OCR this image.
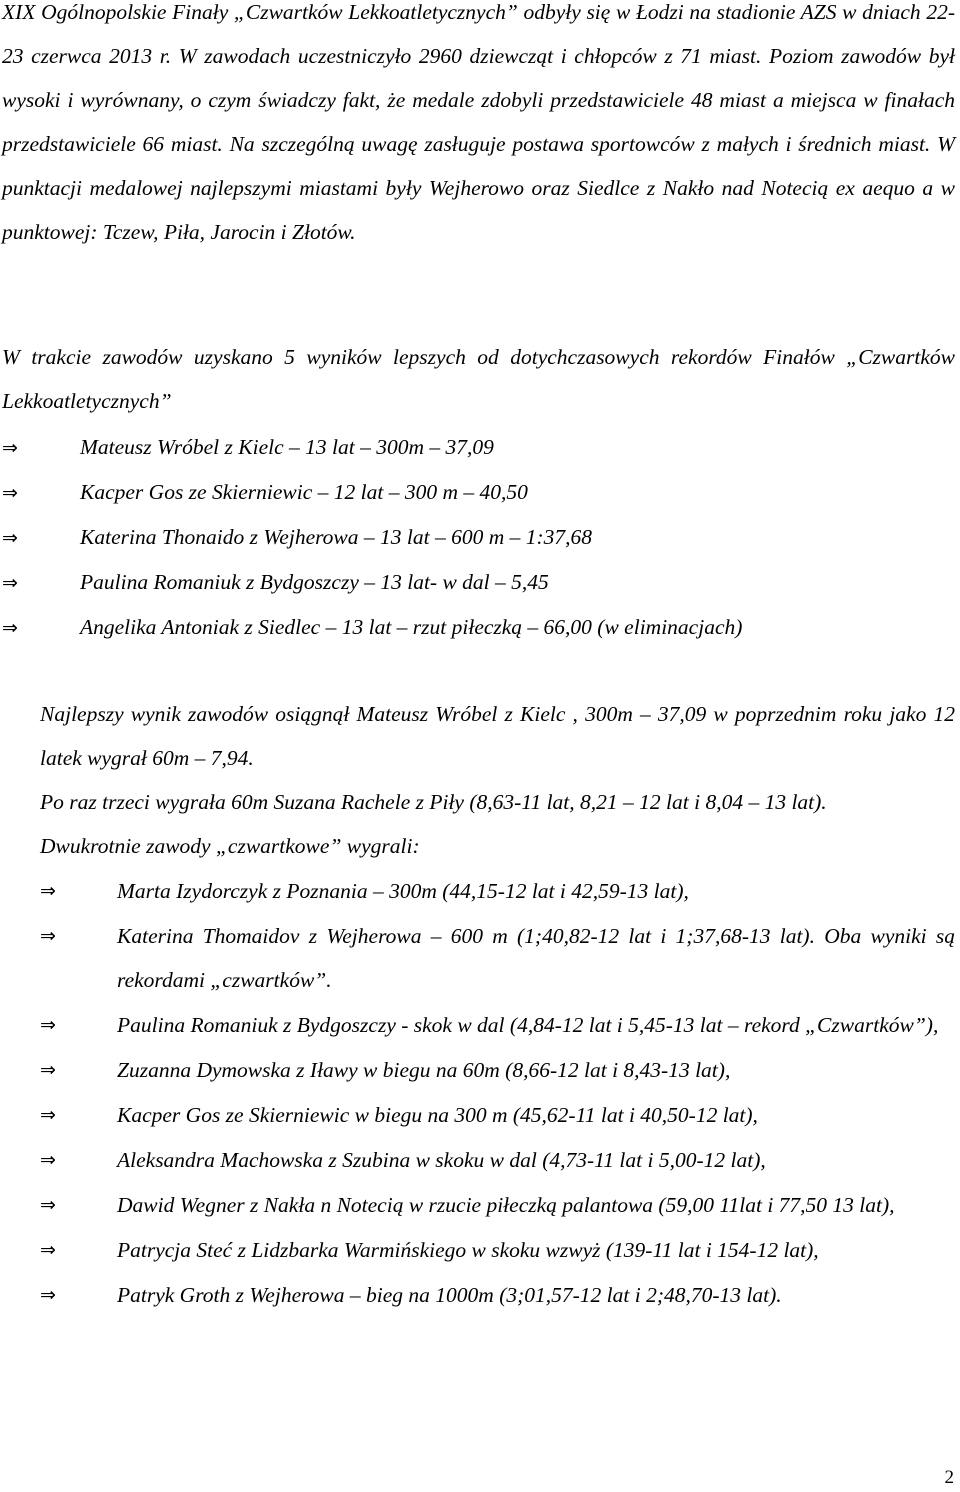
XIX Ogólnopolskie Finały „Czwartków Lekkoatletycznych” odbyły się w Łodzi na stadionie AZS w dniach 22-23 czerwca 2013 r. W zawodach uczestniczyło 2960 dziewcząt i chłopców z 71 miast. Poziom zawodów był wysoki i wyrównany, o czym świadczy fakt, że medale zdobyli przedstawiciele 48 miast a miejsca w finałach przedstawiciele 66 miast. Na szczególną uwagę zasługuje postawa sportowców z małych i średnich miast. W punktacji medalowej najlepszymi miastami były Wejherowo oraz Siedlce z Nakło nad Notecią ex aequo a w punktowej: Tczew, Piła, Jarocin i Złotów.

W trakcie zawodów uzyskano 5 wyników lepszych od dotychczasowych rekordów Finałów „Czwartków Lekkoatletycznych”

⇒	Mateusz Wróbel z Kielc – 13 lat – 300m – 37,09
⇒	Kacper Gos ze Skierniewic – 12 lat – 300 m – 40,50
⇒	Katerina Thonaido z Wejherowa – 13 lat – 600 m – 1:37,68
⇒	Paulina Romaniuk z Bydgoszczy – 13 lat- w dal – 5,45
⇒	Angelika Antoniak z Siedlec – 13 lat – rzut piłeczką – 66,00 (w eliminacjach)

Najlepszy wynik zawodów osiągnął Mateusz Wróbel z Kielc , 300m – 37,09 w poprzednim roku jako 12 latek wygrał 60m – 7,94.

Po raz trzeci wygrała 60m Suzana Rachele z Piły (8,63-11 lat, 8,21 – 12 lat i 8,04 – 13 lat).

Dwukrotnie zawody „czwartkowe” wygrali:

⇒	Marta Izydorczyk z Poznania – 300m (44,15-12 lat i 42,59-13 lat),
⇒	Katerina Thomaidov z Wejherowa – 600 m (1;40,82-12 lat i 1;37,68-13 lat). Oba wyniki są rekordami „czwartków”.
⇒	Paulina Romaniuk z Bydgoszczy - skok w dal (4,84-12 lat i 5,45-13 lat – rekord „Czwartków”),
⇒	Zuzanna Dymowska z Iławy w biegu na 60m (8,66-12 lat i 8,43-13 lat),
⇒	Kacper Gos ze Skierniewic w biegu na 300 m (45,62-11 lat i 40,50-12 lat),
⇒	Aleksandra Machowska z Szubina w skoku w dal (4,73-11 lat i 5,00-12 lat),
⇒	Dawid Wegner z Nakła n Notecią w rzucie piłeczką palantowa (59,00 11lat i 77,50 13 lat),
⇒	Patrycja Steć z Lidzbarka Warmińskiego w skoku wzwyż (139-11 lat i 154-12 lat),
⇒	Patryk Groth z Wejherowa – bieg na 1000m (3;01,57-12 lat i 2;48,70-13 lat).
2
